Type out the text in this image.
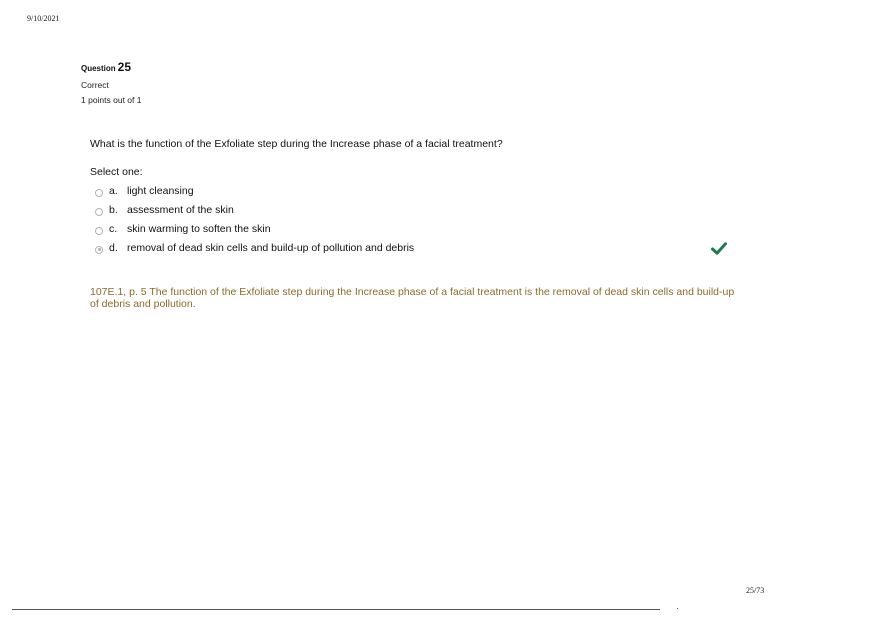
9/10/2021
Question 25
Correct
1 points out of 1
What is the function of the Exfoliate step during the Increase phase of a facial treatment?
Select one:
a. light cleansing
b. assessment of the skin
c. skin warming to soften the skin
d. removal of dead skin cells and build-up of pollution and debris
107E.1, p. 5 The function of the Exfoliate step during the Increase phase of a facial treatment is the removal of dead skin cells and build-up of debris and pollution.
25/73
